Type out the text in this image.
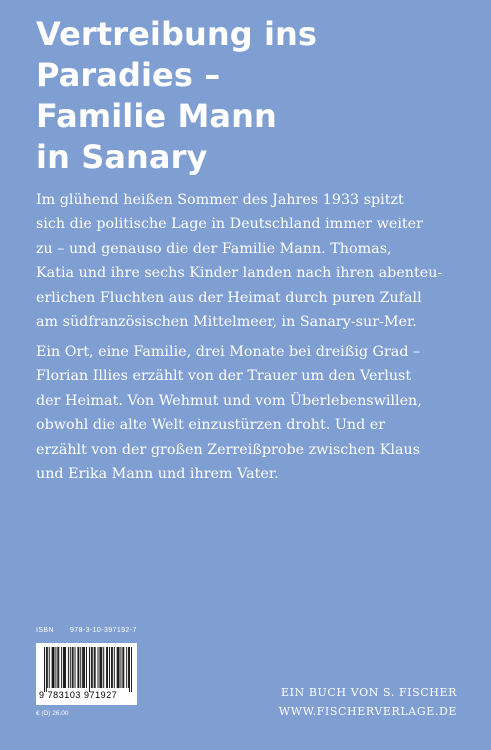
Vertreibung ins
Paradies –
Familie Mann
in Sanary

Im glühend heißen Sommer des Jahres 1933 spitzt
sich die politische Lage in Deutschland immer weiter
zu – und genauso die der Familie Mann. Thomas,
Katia und ihre sechs Kinder landen nach ihren abenteu-
erlichen Fluchten aus der Heimat durch puren Zufall
am südfranzösischen Mittelmeer, in Sanary-sur-Mer.

Ein Ort, eine Familie, drei Monate bei dreißig Grad –
Florian Illies erzählt von der Trauer um den Verlust
der Heimat. Von Wehmut und vom Überlebenswillen,
obwohl die alte Welt einzustürzen droht. Und er
erzählt von der großen Zerreißprobe zwischen Klaus
und Erika Mann und ihrem Vater.

ISBN 978-3-10-397192-7
9 783103 971927
€ (D) 26.00
EIN BUCH VON S. FISCHER
WWW.FISCHERVERLAGE.DE
